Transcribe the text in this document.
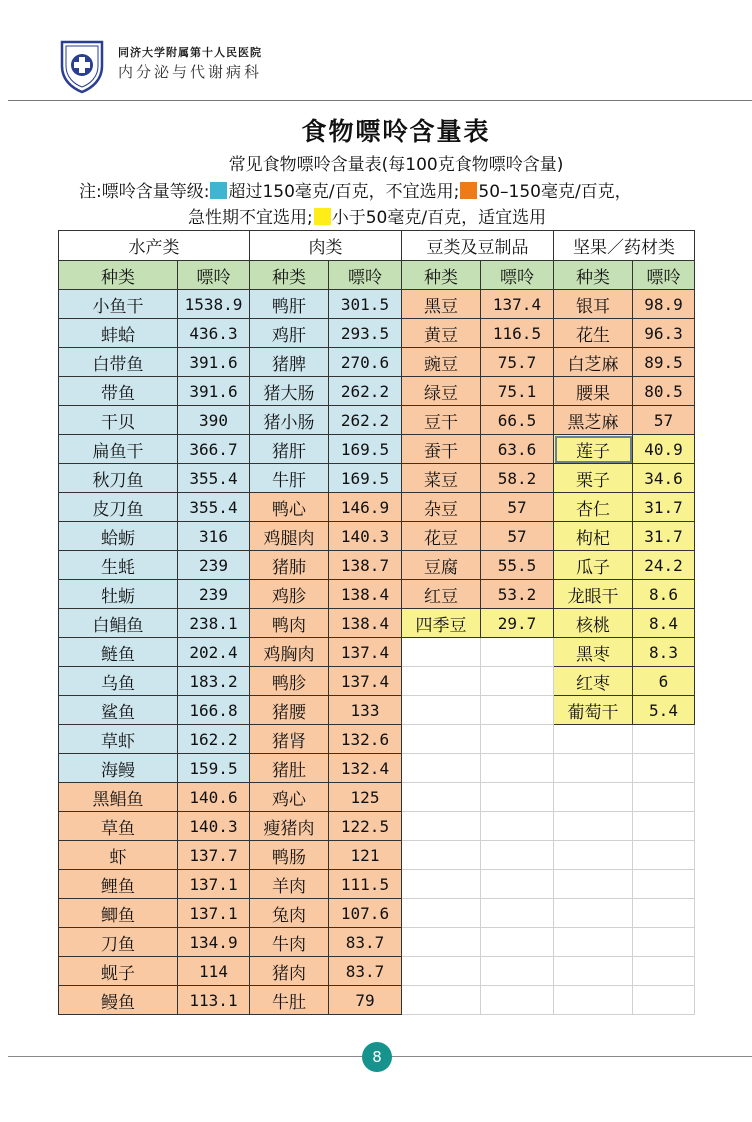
同济大学附属第十人民医院
内分泌与代谢病科
食物嘌呤含量表
常见食物嘌呤含量表(每100克食物嘌呤含量)
注:嘌呤含量等级: 超过150毫克/百克，不宜选用; 50–150毫克/百克，
急性期不宜选用; 小于50毫克/百克，适宜选用
水产类		肉类		豆类及豆制品		坚果／药材类	
种类	嘌呤	种类	嘌呤	种类	嘌呤	种类	嘌呤
小鱼干	1538.9	鸭肝	301.5	黑豆	137.4	银耳	98.9
蚌蛤	436.3	鸡肝	293.5	黄豆	116.5	花生	96.3
白带鱼	391.6	猪脾	270.6	豌豆	75.7	白芝麻	89.5
带鱼	391.6	猪大肠	262.2	绿豆	75.1	腰果	80.5
干贝	390	猪小肠	262.2	豆干	66.5	黑芝麻	57
扁鱼干	366.7	猪肝	169.5	蚕干	63.6	莲子	40.9
秋刀鱼	355.4	牛肝	169.5	菜豆	58.2	栗子	34.6
皮刀鱼	355.4	鸭心	146.9	杂豆	57	杏仁	31.7
蛤蛎	316	鸡腿肉	140.3	花豆	57	枸杞	31.7
生蚝	239	猪肺	138.7	豆腐	55.5	瓜子	24.2
牡蛎	239	鸡胗	138.4	红豆	53.2	龙眼干	8.6
白鲳鱼	238.1	鸭肉	138.4	四季豆	29.7	核桃	8.4
鲢鱼	202.4	鸡胸肉	137.4			黑枣	8.3
乌鱼	183.2	鸭胗	137.4			红枣	6
鲨鱼	166.8	猪腰	133			葡萄干	5.4
草虾	162.2	猪肾	132.6				
海鳗	159.5	猪肚	132.4				
黑鲳鱼	140.6	鸡心	125				
草鱼	140.3	瘦猪肉	122.5				
虾	137.7	鸭肠	121				
鲤鱼	137.1	羊肉	111.5				
鲫鱼	137.1	兔肉	107.6				
刀鱼	134.9	牛肉	83.7				
蚬子	114	猪肉	83.7				
鳗鱼	113.1	牛肚	79				
8
